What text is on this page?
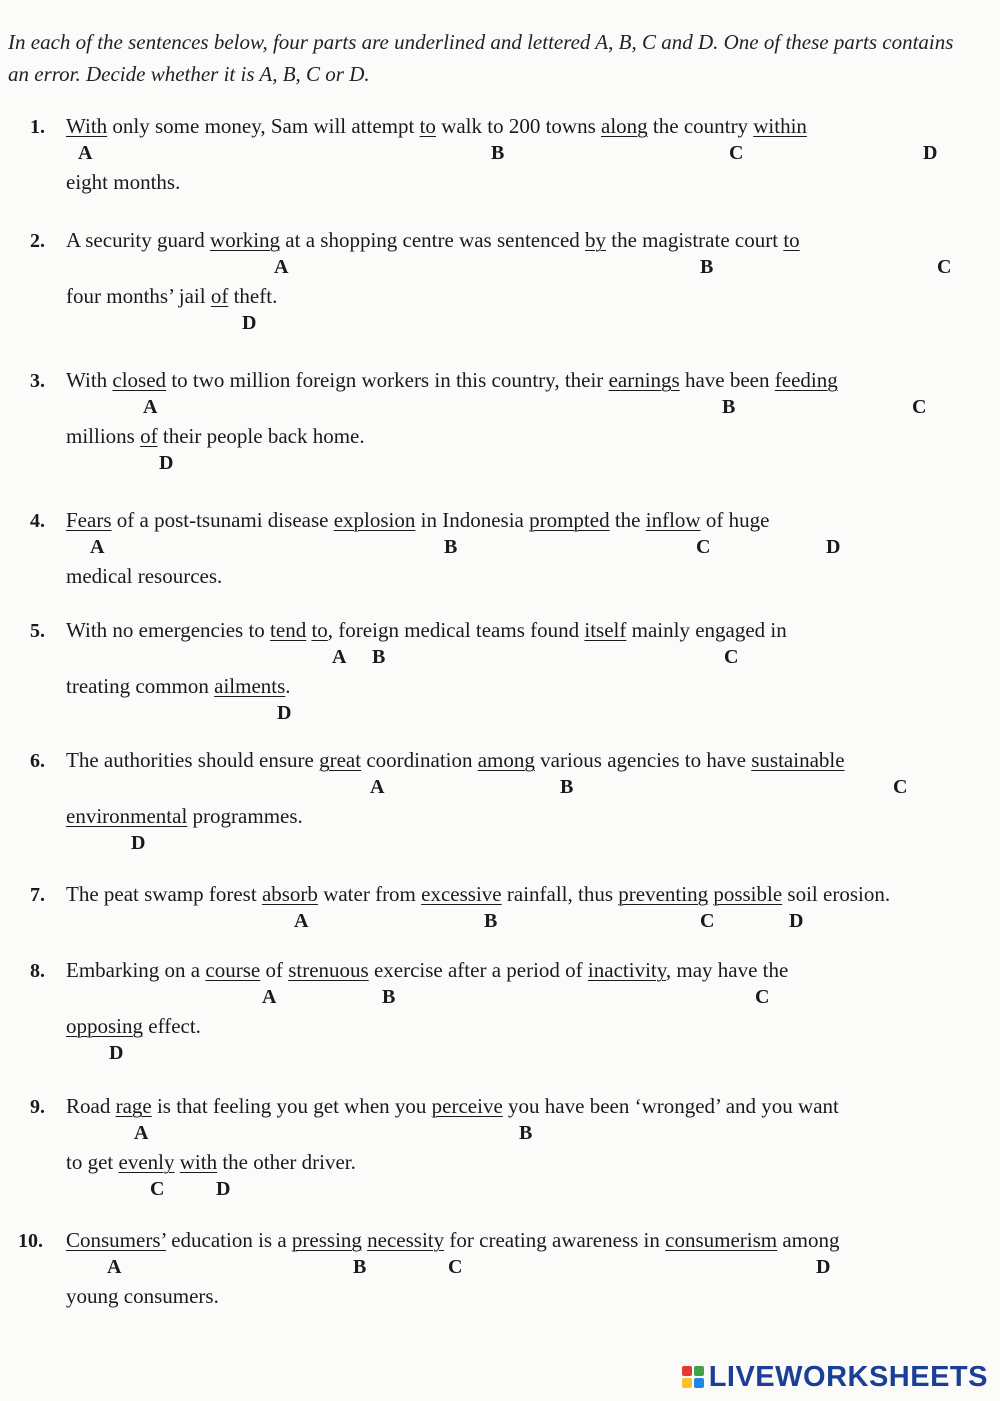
In each of the sentences below, four parts are underlined and lettered A, B, C and D. One of these parts contains an error. Decide whether it is A, B, C or D.
1. With only some money, Sam will attempt to walk to 200 towns along the country within
eight months.
A	B	C	D
2. A security guard working at a shopping centre was sentenced by the magistrate court to
four months’ jail of theft.
A	B	C
D
3. With closed to two million foreign workers in this country, their earnings have been feeding
millions of their people back home.
A	B	C
D
4. Fears of a post-tsunami disease explosion in Indonesia prompted the inflow of huge
medical resources.
A	B	C	D
5. With no emergencies to tend to, foreign medical teams found itself mainly engaged in
treating common ailments.
A B	C
D
6. The authorities should ensure great coordination among various agencies to have sustainable
environmental programmes.
A	B	C
D
7. The peat swamp forest absorb water from excessive rainfall, thus preventing possible soil erosion.
A	B	C	D
8. Embarking on a course of strenuous exercise after a period of inactivity, may have the
opposing effect.
A	B	C
D
9. Road rage is that feeling you get when you perceive you have been ‘wronged’ and you want
to get evenly with the other driver.
A	B
C	D
10. Consumers’ education is a pressing necessity for creating awareness in consumerism among
young consumers.
A	B	C	D
LIVEWORKSHEETS
